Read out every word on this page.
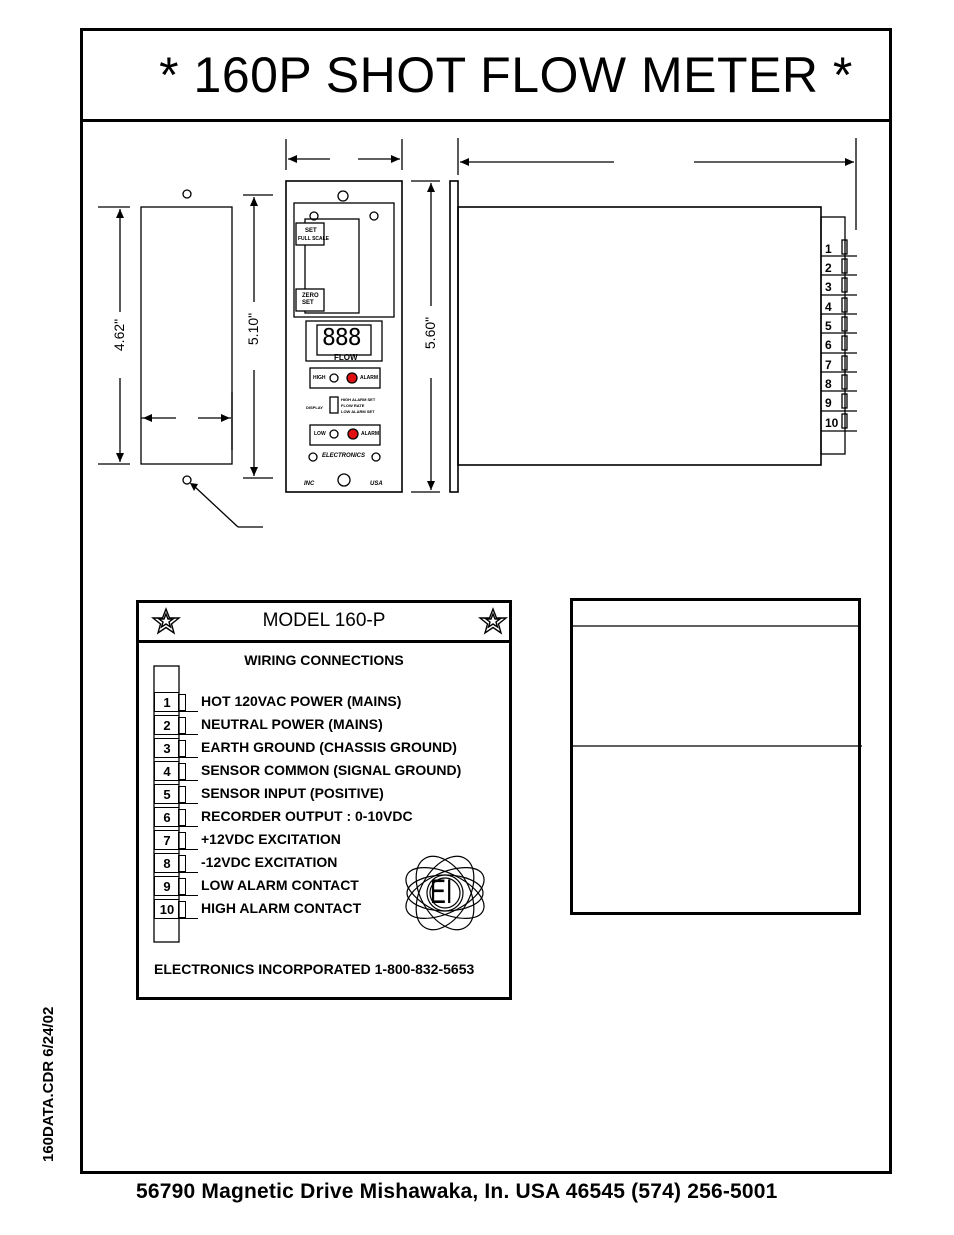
* 160P SHOT FLOW METER *
4.62"	5.10"	5.60"
SET
FULL SCALE
ZERO
SET
888
FLOW
HIGH	ALARM
DISPLAY
HIGH ALARM SET
FLOW RATE
LOW ALARM SET
LOW	ALARM
ELECTRONICS
INC	USA
1
2
3
4
5
6
7
8
9
10
MODEL 160-P
WIRING CONNECTIONS
1	HOT 120VAC POWER (MAINS)
2	NEUTRAL POWER (MAINS)
3	EARTH GROUND (CHASSIS GROUND)
4	SENSOR COMMON (SIGNAL GROUND)
5	SENSOR INPUT (POSITIVE)
6	RECORDER OUTPUT : 0-10VDC
7	+12VDC EXCITATION
8	-12VDC EXCITATION
9	LOW ALARM CONTACT
10	HIGH ALARM CONTACT EI
ELECTRONICS INCORPORATED 1-800-832-5653
160DATA.CDR 6/24/02
56790 Magnetic Drive Mishawaka, In. USA 46545 (574) 256-5001
